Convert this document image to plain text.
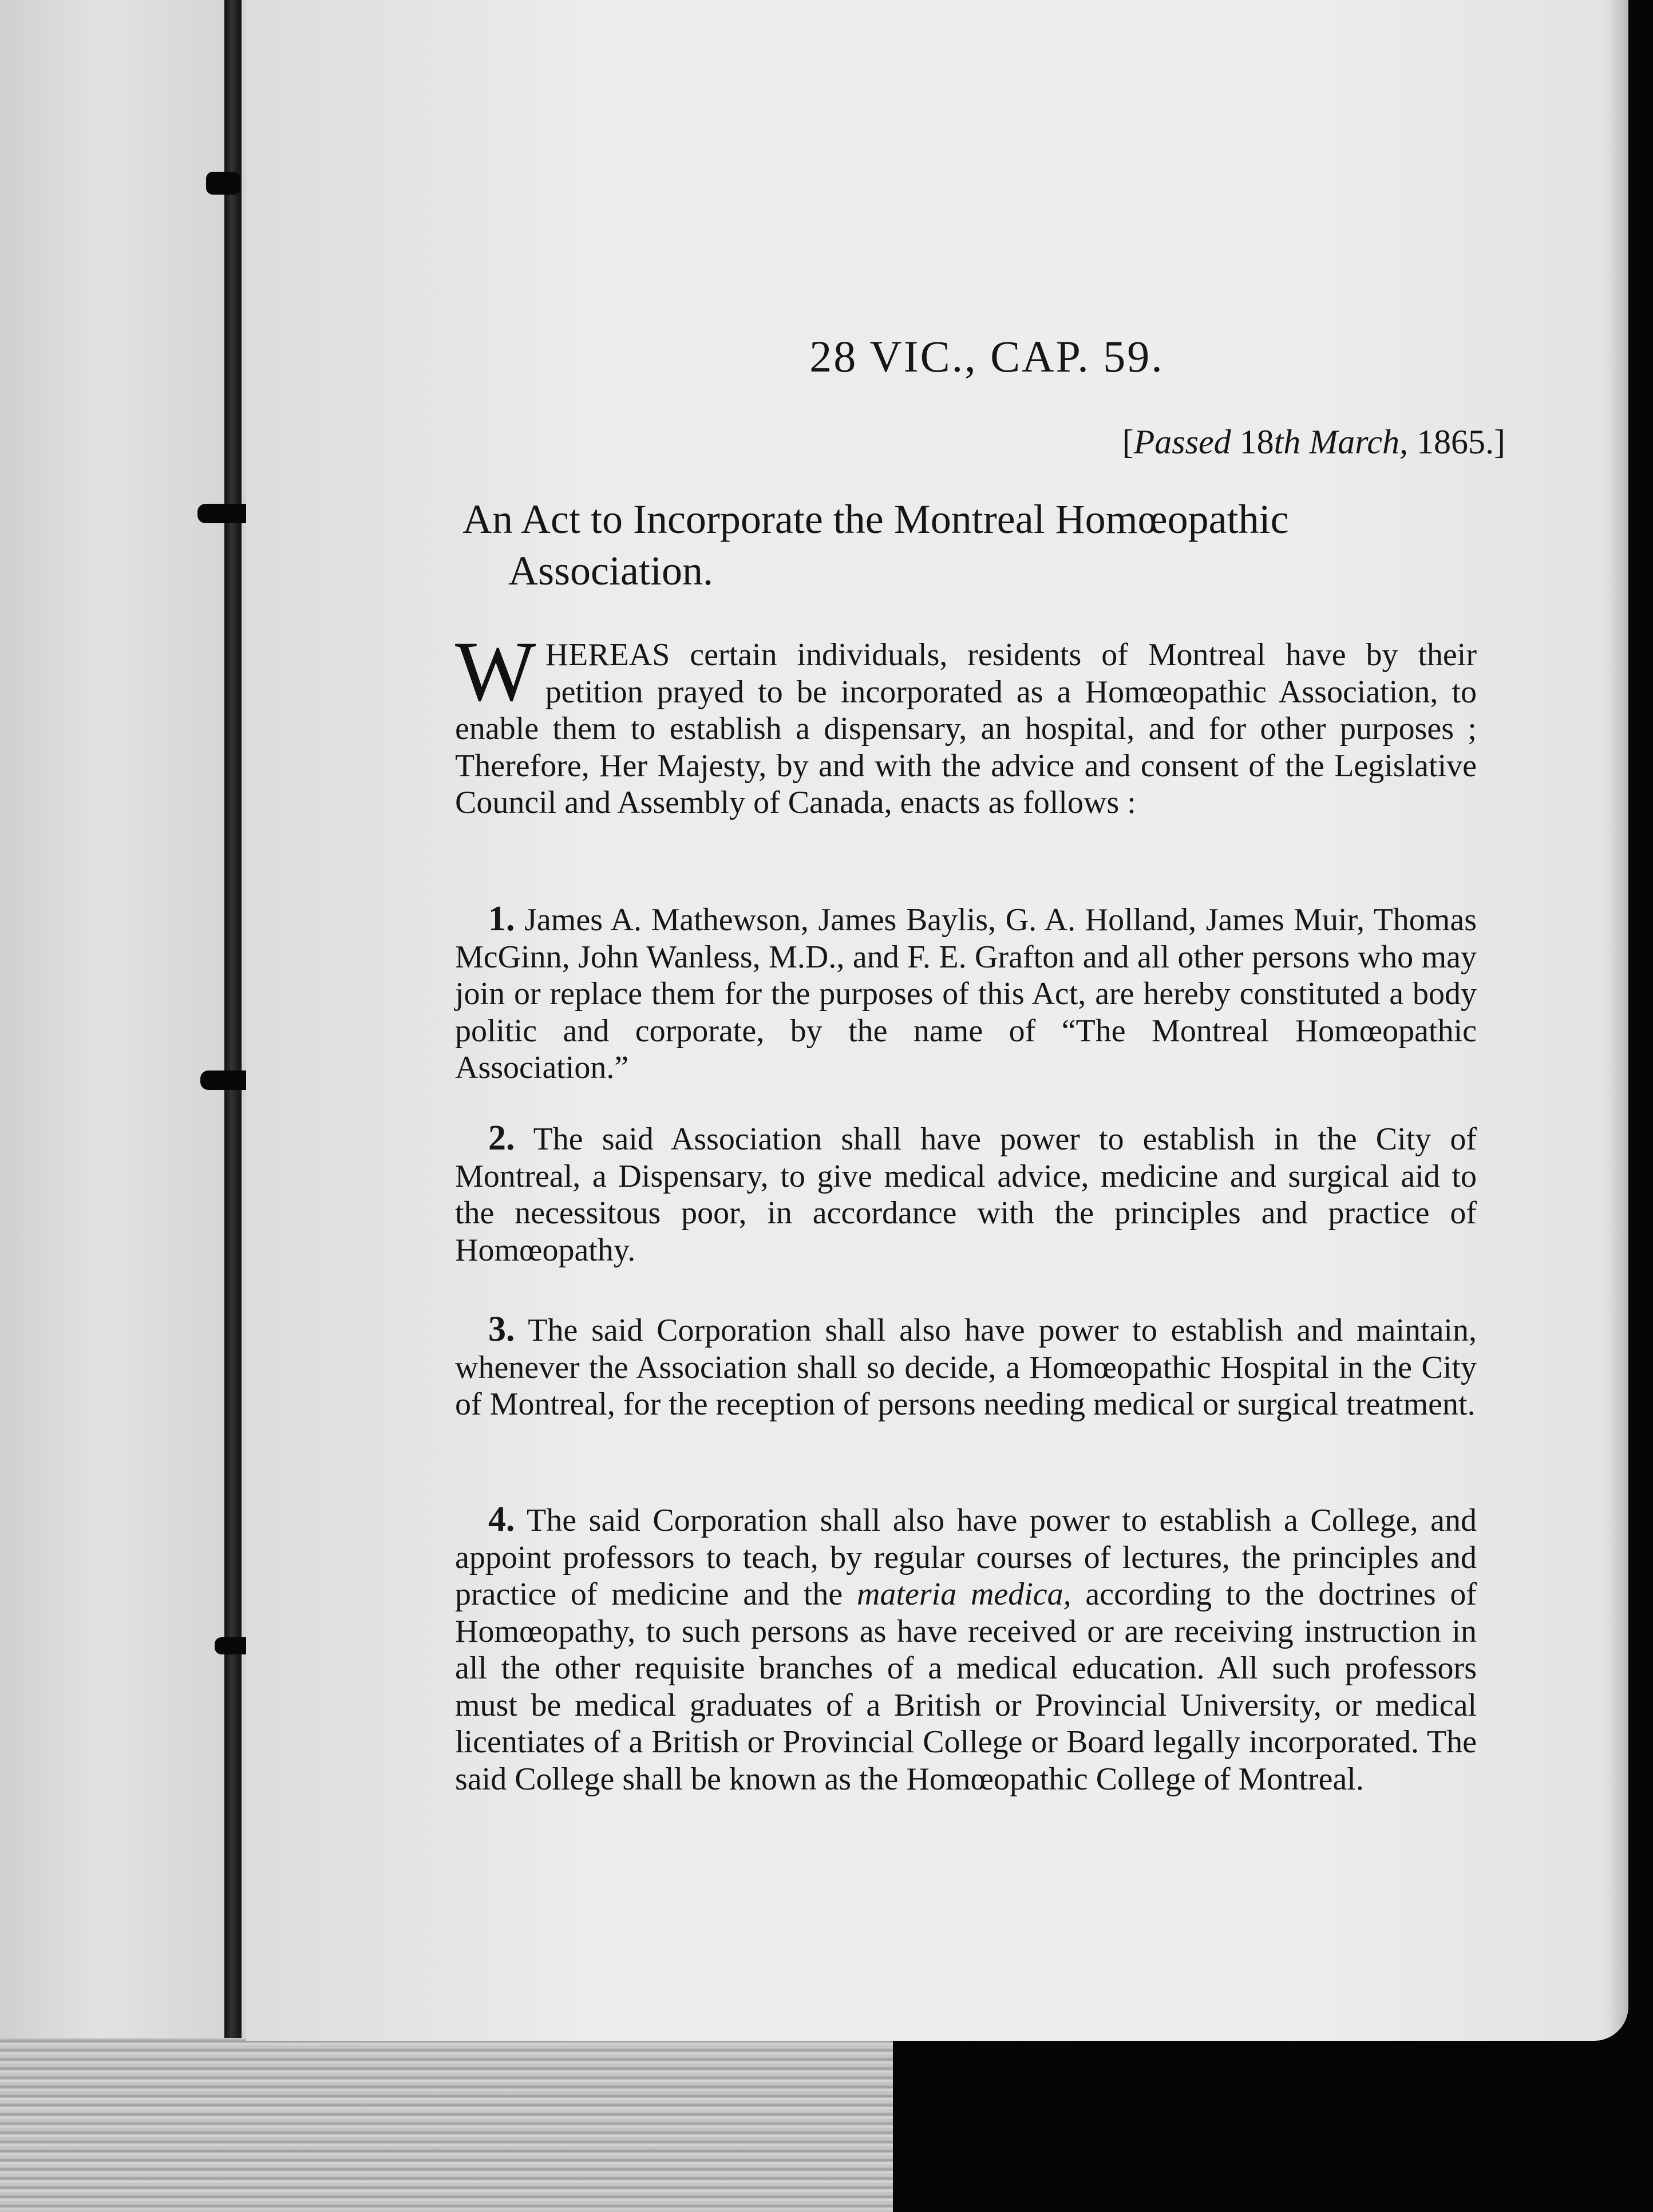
28 VIC., CAP. 59.
[Passed 18th March, 1865.]
An Act to Incorporate the Montreal Homœopathic
Association.
WHEREAS certain individuals, residents of Montreal have by their petition prayed to be incorporated as a Homœopathic Association, to enable them to establish a dispensary, an hospital, and for other purposes ; Therefore, Her Majesty, by and with the advice and consent of the Legislative Council and Assembly of Canada, enacts as follows :
1. James A. Mathewson, James Baylis, G. A. Holland, James Muir, Thomas McGinn, John Wanless, M.D., and F. E. Grafton and all other persons who may join or replace them for the purposes of this Act, are hereby constituted a body politic and corporate, by the name of “The Montreal Homœopathic Association.”
2. The said Association shall have power to establish in the City of Montreal, a Dispensary, to give medical advice, medicine and surgical aid to the necessitous poor, in accordance with the principles and practice of Homœopathy.
3. The said Corporation shall also have power to establish and maintain, whenever the Association shall so decide, a Homœopathic Hospital in the City of Montreal, for the reception of persons needing medical or surgical treatment.
4. The said Corporation shall also have power to establish a College, and appoint professors to teach, by regular courses of lectures, the principles and practice of medicine and the materia medica, according to the doctrines of Homœopathy, to such persons as have received or are receiving instruction in all the other requisite branches of a medical education. All such professors must be medical graduates of a British or Provincial University, or medical licentiates of a British or Provincial College or Board legally incorporated. The said College shall be known as the Homœopathic College of Montreal.
